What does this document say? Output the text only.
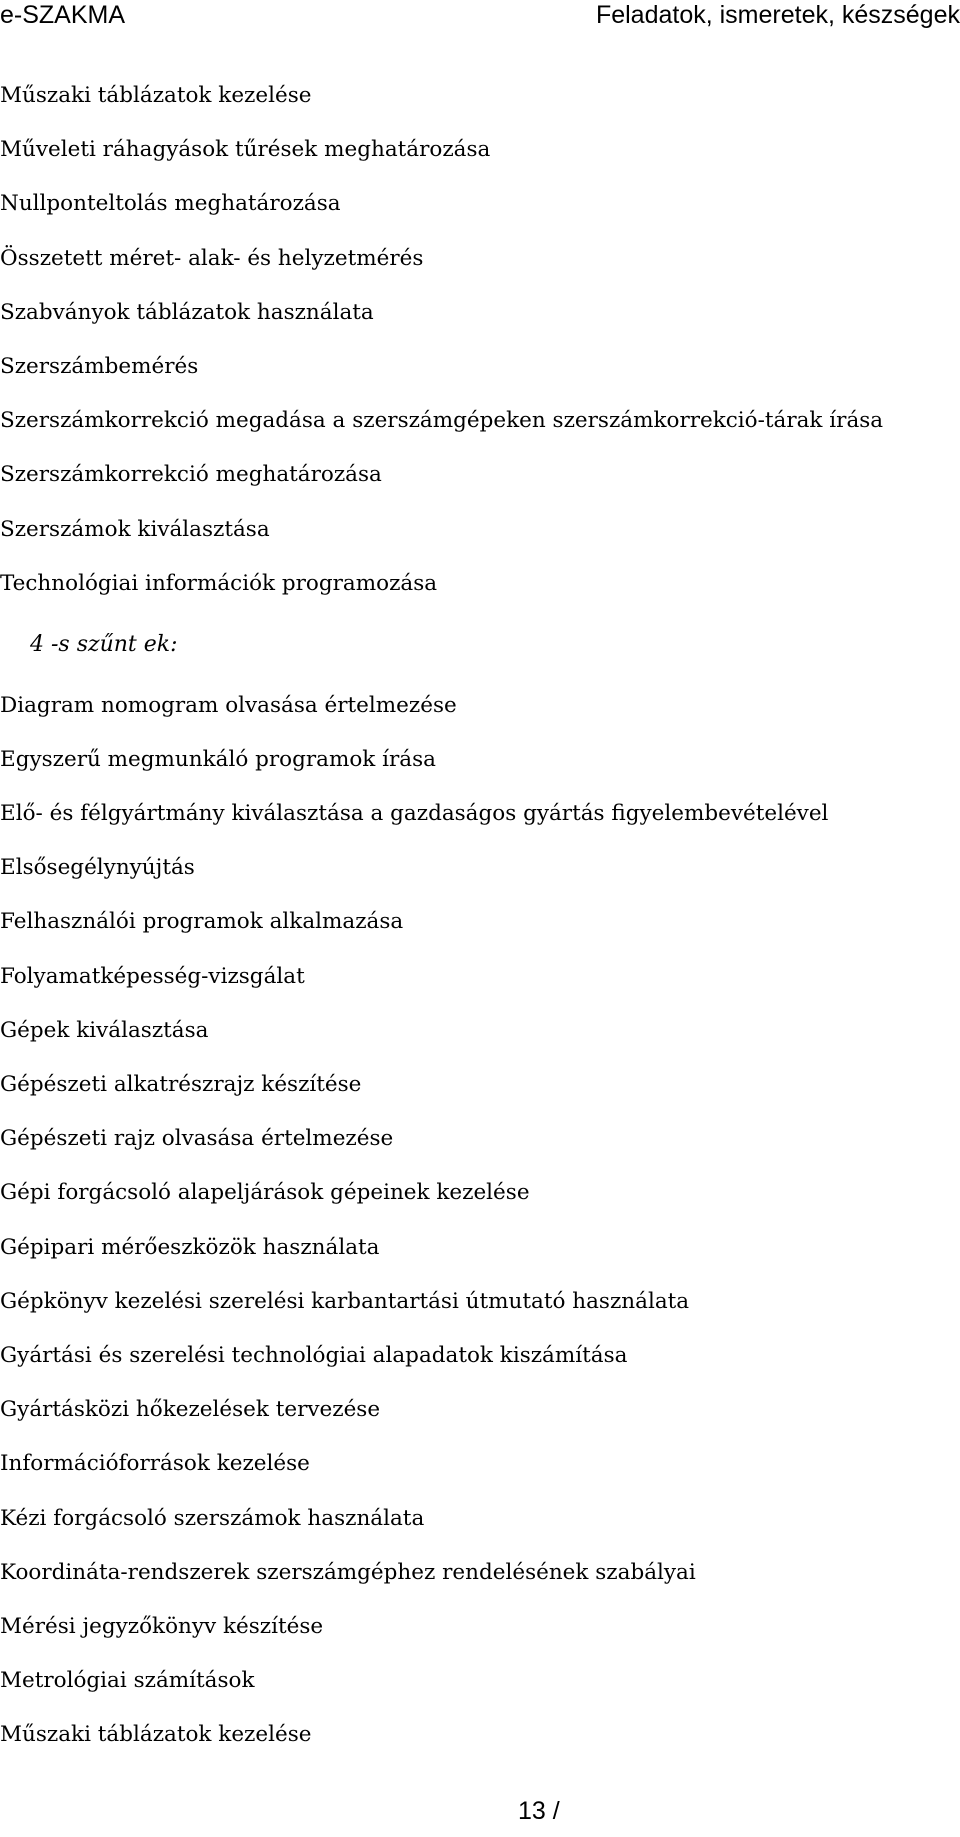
e-SZAKMA	Feladatok, ismeretek, készségek
Műszaki táblázatok kezelése
Műveleti ráhagyások tűrések meghatározása
Nullponteltolás meghatározása
Összetett méret- alak- és helyzetmérés
Szabványok táblázatok használata
Szerszámbemérés
Szerszámkorrekció megadása a szerszámgépeken szerszámkorrekció-tárak írása
Szerszámkorrekció meghatározása
Szerszámok kiválasztása
Technológiai információk programozása
4 -s szűnt ek:
Diagram nomogram olvasása értelmezése
Egyszerű megmunkáló programok írása
Elő- és félgyártmány kiválasztása a gazdaságos gyártás figyelembevételével
Elsősegélynyújtás
Felhasználói programok alkalmazása
Folyamatképesség-vizsgálat
Gépek kiválasztása
Gépészeti alkatrészrajz készítése
Gépészeti rajz olvasása értelmezése
Gépi forgácsoló alapeljárások gépeinek kezelése
Gépipari mérőeszközök használata
Gépkönyv kezelési szerelési karbantartási útmutató használata
Gyártási és szerelési technológiai alapadatok kiszámítása
Gyártásközi hőkezelések tervezése
Információforrások kezelése
Kézi forgácsoló szerszámok használata
Koordináta-rendszerek szerszámgéphez rendelésének szabályai
Mérési jegyzőkönyv készítése
Metrológiai számítások
Műszaki táblázatok kezelése
13 /
